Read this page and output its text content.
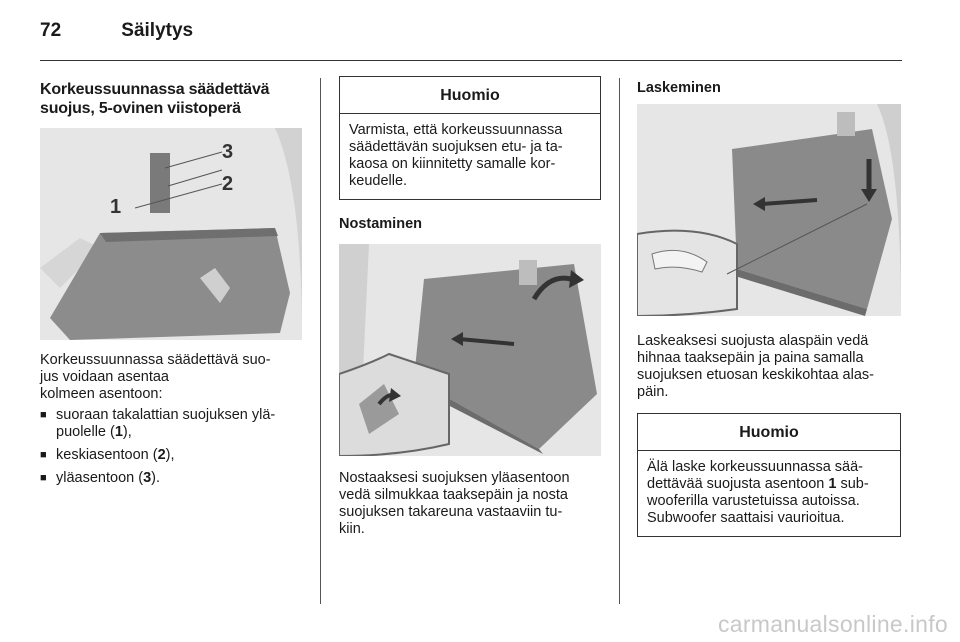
72	Säilytys
Korkeussuunnassa säädettävä
suojus, 5-ovinen viistoperä
1
2
3

Korkeussuunnassa säädettävä suo-
jus voidaan asentaa
kolmeen asentoon:

■ suoraan takalattian suojuksen ylä-
puolelle (1),
■ keskiasentoon (2),
■ yläasentoon (3).
Huomio
Varmista, että korkeussuunnassa
säädettävän suojuksen etu- ja ta-
kaosa on kiinnitetty samalle kor-
keudelle.
Nostaminen

Nostaaksesi suojuksen yläasentoon
vedä silmukkaa taaksepäin ja nosta
suojuksen takareuna vastaaviin tu-
kiin.

Laskeminen

Laskeaksesi suojusta alaspäin vedä
hihnaa taaksepäin ja paina samalla
suojuksen etuosan keskikohtaa alas-
päin.

Huomio
Älä laske korkeussuunnassa sää-
dettävää suojusta asentoon 1 sub-
wooferilla varustetuissa autoissa.
Subwoofer saattaisi vaurioitua.
carmanualsonline.info
